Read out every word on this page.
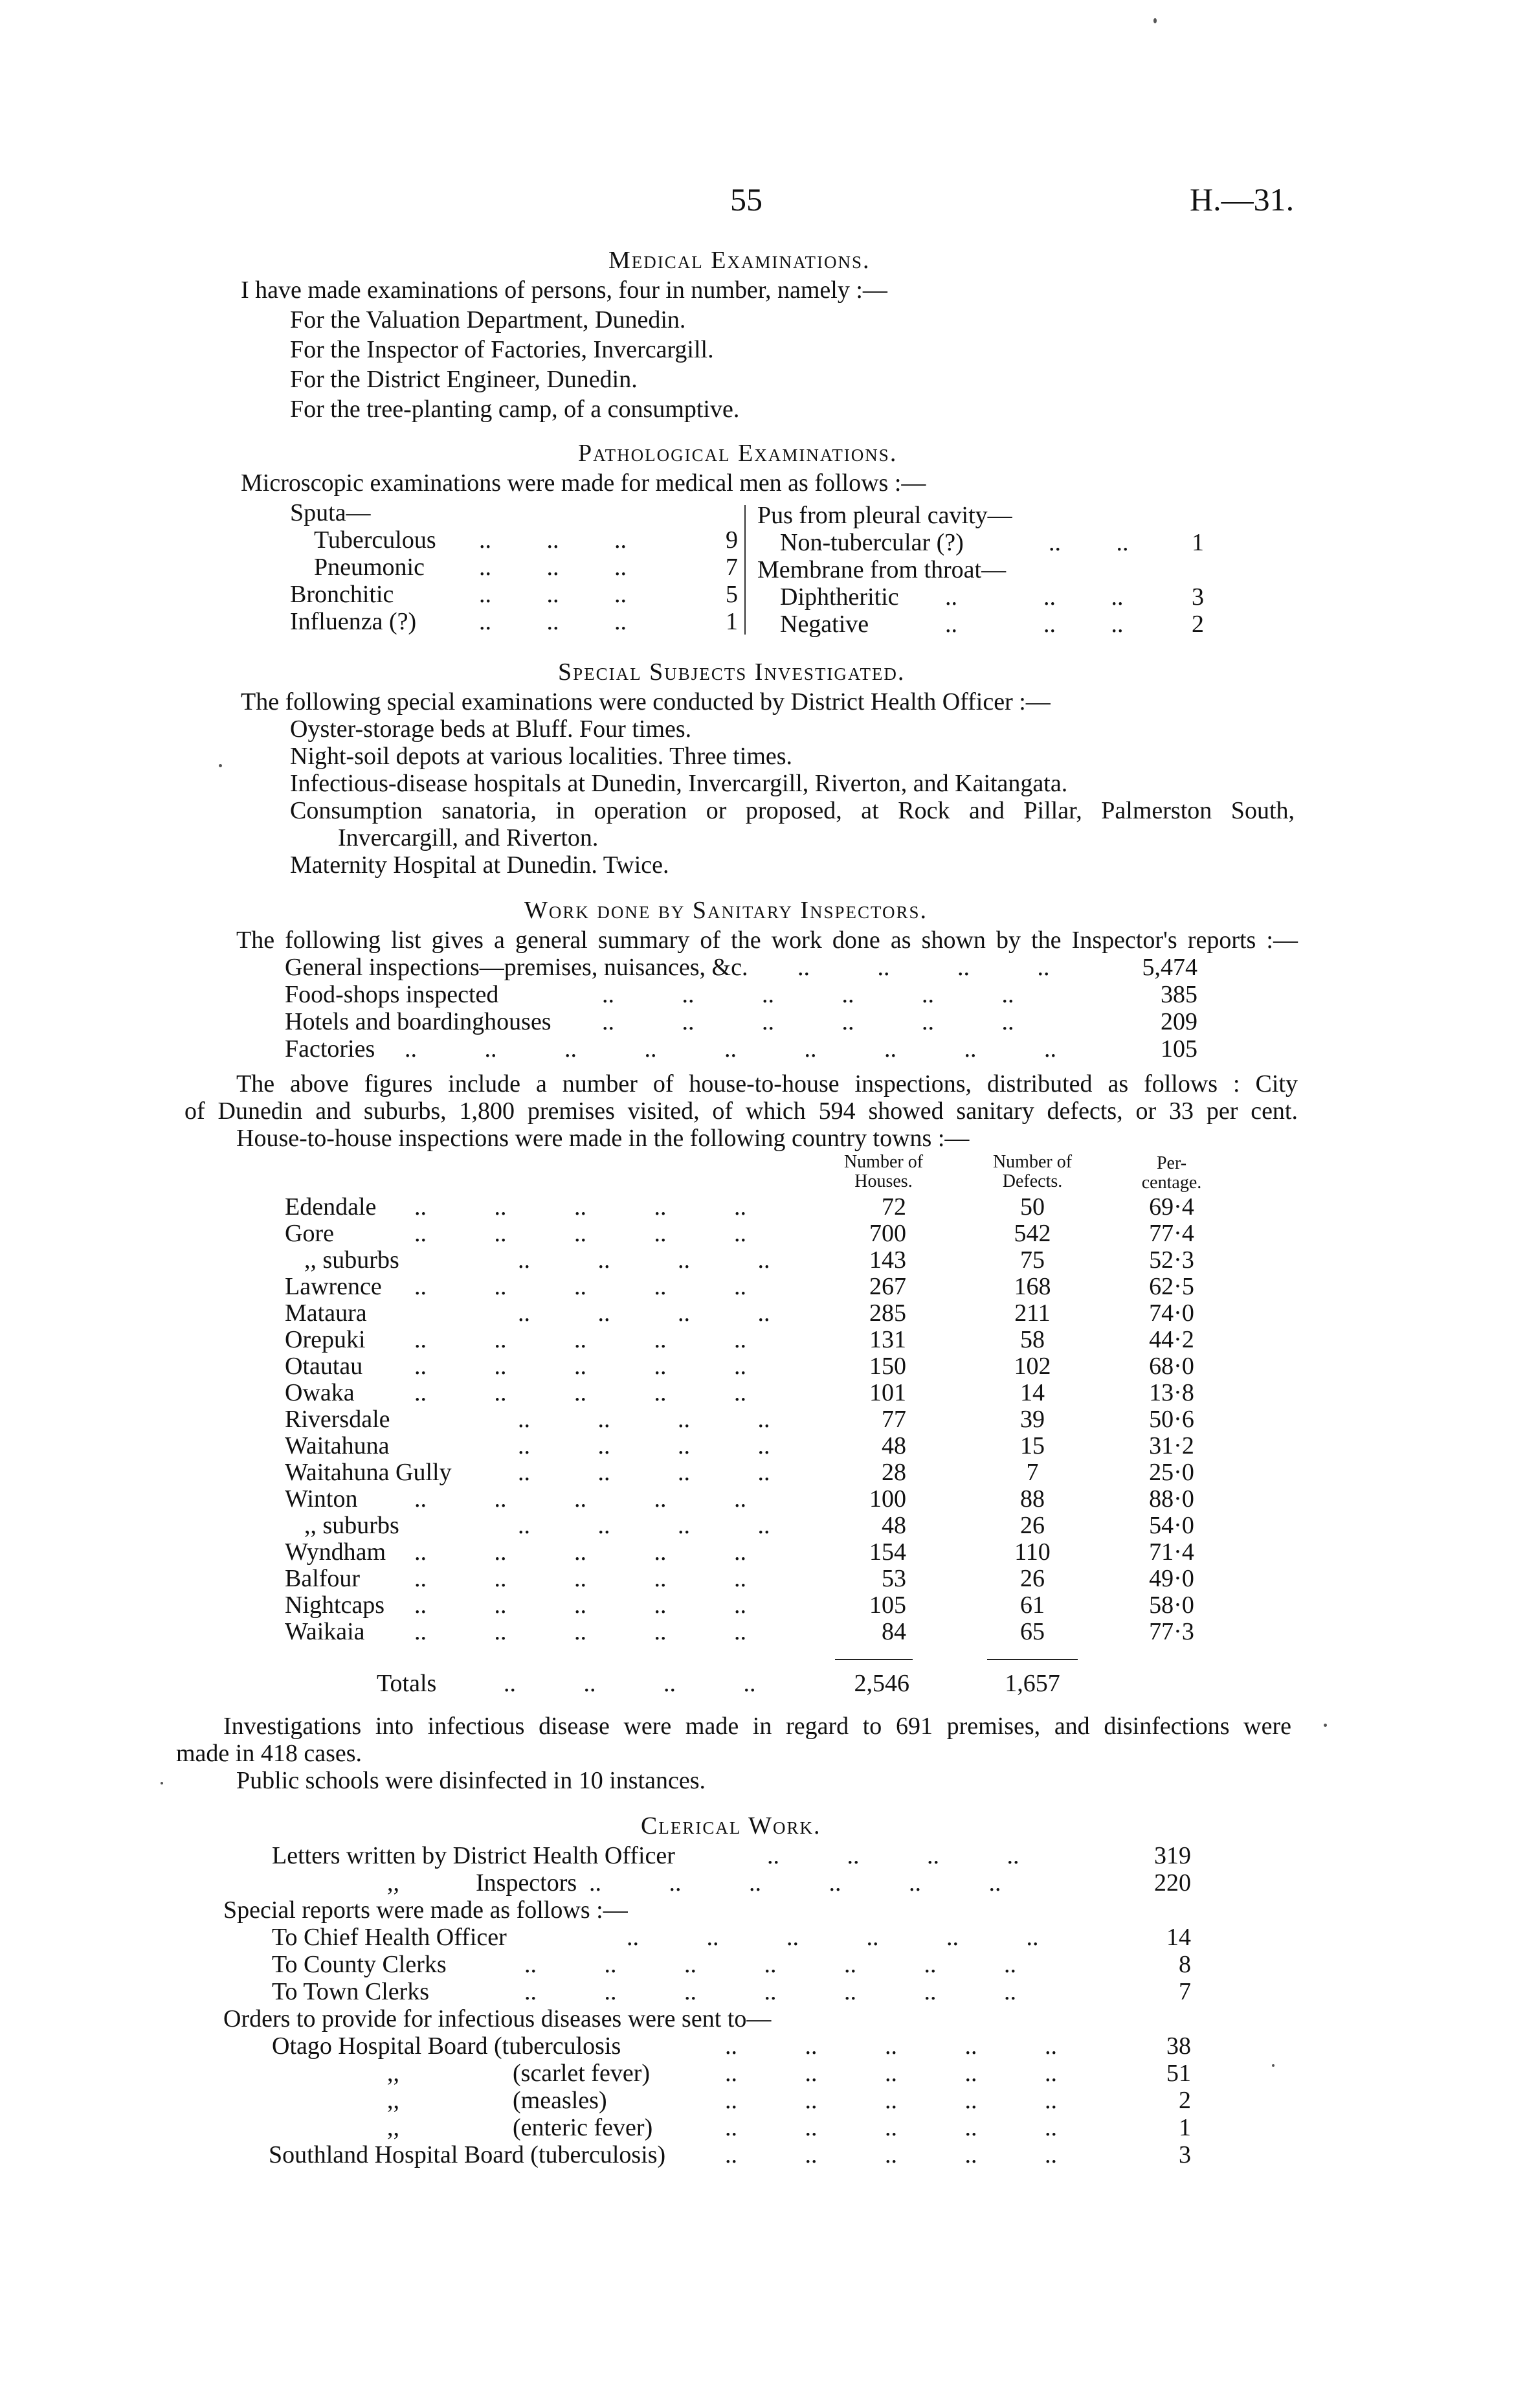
55	H.—31.
Medical Examinations.
I have made examinations of persons, four in number, namely :—
For the Valuation Department, Dunedin.
For the Inspector of Factories, Invercargill.
For the District Engineer, Dunedin.
For the tree-planting camp, of a consumptive.
Pathological Examinations.
Microscopic examinations were made for medical men as follows :—
Sputa—
Tuberculous ..         ..         ..	9
Pneumonic ..         ..         ..	7
Bronchitic	..         ..         ..	5
Influenza (?)	..         ..         ..	1
Pus from pleural cavity—
Non-tubercular (?)	..         ..	1
Membrane from throat—
Diphtheritic ..              ..         ..	3
Negative	..              ..         ..	2
Special Subjects Investigated.
The following special examinations were conducted by District Health Officer :—
Oyster-storage beds at Bluff. Four times.
Night-soil depots at various localities. Three times.
Infectious-disease hospitals at Dunedin, Invercargill, Riverton, and Kaitangata.
Consumption sanatoria, in operation or proposed, at Rock and Pillar, Palmerston South,
Invercargill, and Riverton.
Maternity Hospital at Dunedin. Twice.
Work done by Sanitary Inspectors.
The following list gives a general summary of the work done as shown by the Inspector's reports :—
General inspections—premises, nuisances, &c. ..           ..           ..           ..	5,474
Food-shops inspected	..           ..           ..           ..           ..           ..	385
Hotels and boardinghouses ..           ..           ..           ..           ..           ..	209
Factories ..           ..           ..           ..           ..           ..           ..           ..           ..	105
The above figures include a number of house-to-house inspections, distributed as follows : City
of Dunedin and suburbs, 1,800 premises visited, of which 594 showed sanitary defects, or 33 per cent.
House-to-house inspections were made in the following country towns :—
Number of
Houses.
Number of
Defects.
Per-
centage.
Edendale ..           ..           ..           ..           ..	72	50	69·4
Gore	..           ..           ..           ..           ..	700	542	77·4
,, suburbs	..           ..           ..           ..	143	75	52·3
Lawrence ..           ..           ..           ..           ..	267	168	62·5
Mataura	..           ..           ..           ..	285	211	74·0
Orepuki ..           ..           ..           ..           ..	131	58	44·2
Otautau ..           ..           ..           ..           ..	150	102	68·0
Owaka ..           ..           ..           ..           ..	101	14	13·8
Riversdale	..           ..           ..           ..	77	39	50·6
Waitahuna	..           ..           ..           ..	48	15	31·2
Waitahuna Gully	..           ..           ..           ..	28	7	25·0
Winton ..           ..           ..           ..           ..	100	88	88·0
,, suburbs	..           ..           ..           ..	48	26	54·0
Wyndham ..           ..           ..           ..           ..	154	110	71·4
Balfour ..           ..           ..           ..           ..	53	26	49·0
Nightcaps ..           ..           ..           ..           ..	105	61	58·0
Waikaia ..           ..           ..           ..           ..	84	65	77·3
Totals	..           ..           ..           ..	2,546	1,657
Investigations into infectious disease were made in regard to 691 premises, and disinfections were
made in 418 cases.
Public schools were disinfected in 10 instances.
Clerical Work.
Letters written by District Health Officer	..           ..           ..           ..	319
,,	Inspectors ..           ..           ..           ..           ..           ..	220
Special reports were made as follows :—
To Chief Health Officer	..           ..           ..           ..           ..           ..	14
To County Clerks	..           ..           ..           ..           ..           ..           ..	8
To Town Clerks	..           ..           ..           ..           ..           ..           ..	7
Orders to provide for infectious diseases were sent to—
Otago Hospital Board (tuberculosis	..           ..           ..           ..           ..	38
,,	(scarlet fever)	..           ..           ..           ..           ..	51
,,	(measles)	..           ..           ..           ..           ..	2
,,	(enteric fever)	..           ..           ..           ..           ..	1
Southland Hospital Board (tuberculosis) ..           ..           ..           ..           ..	3
